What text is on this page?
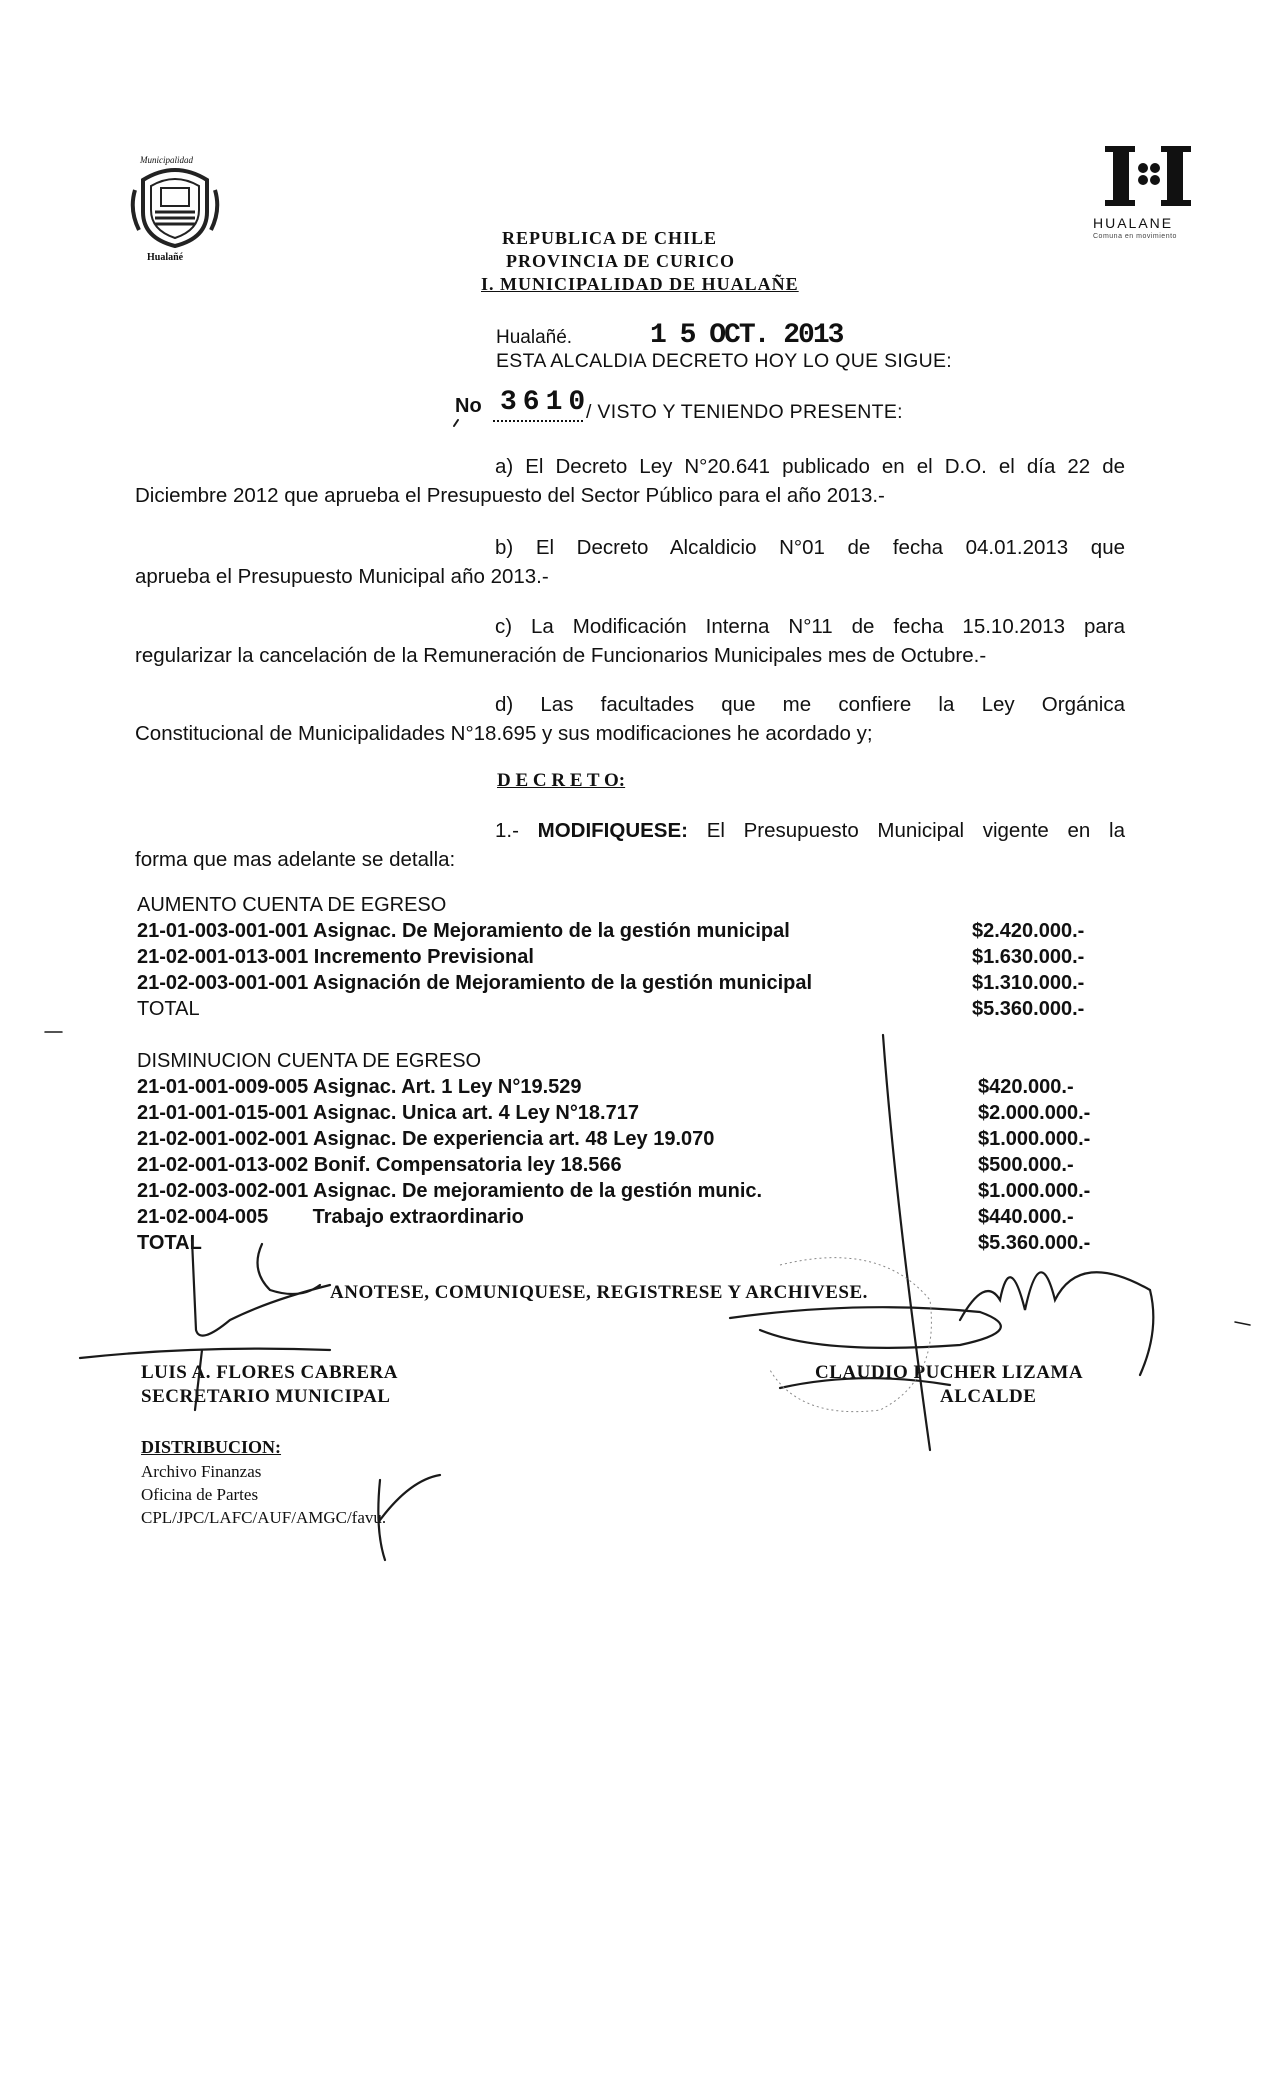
Municipalidad
Hualañé
HUALANE
Comuna en movimiento
REPUBLICA DE CHILE
PROVINCIA DE CURICO
I. MUNICIPALIDAD DE HUALAÑE
Hualañé.	1 5 OCT. 2013
ESTA ALCALDIA DECRETO HOY LO QUE SIGUE:
No 3610
/ VISTO Y TENIENDO PRESENTE:
a) El Decreto Ley N°20.641 publicado en el D.O. el día 22 de
Diciembre 2012 que aprueba el Presupuesto del Sector Público para el año 2013.-
b) El Decreto Alcaldicio N°01 de fecha 04.01.2013 que
aprueba el Presupuesto Municipal año 2013.-
c) La Modificación Interna N°11 de fecha 15.10.2013 para
regularizar la cancelación de la Remuneración de Funcionarios Municipales mes de Octubre.-
d) Las facultades que me confiere la Ley Orgánica
Constitucional de Municipalidades N°18.695 y sus modificaciones he acordado y;
D E C R E T O:
1.- MODIFIQUESE: El Presupuesto Municipal vigente en la
forma que mas adelante se detalla:
AUMENTO CUENTA DE EGRESO
21-01-003-001-001 Asignac. De Mejoramiento de la gestión municipal	$2.420.000.-
21-02-001-013-001 Incremento Previsional	$1.630.000.-
21-02-003-001-001 Asignación de Mejoramiento de la gestión municipal	$1.310.000.-
TOTAL	$5.360.000.-
DISMINUCION CUENTA DE EGRESO
21-01-001-009-005 Asignac. Art. 1 Ley N°19.529	$420.000.-
21-01-001-015-001 Asignac. Unica art. 4 Ley N°18.717	$2.000.000.-
21-02-001-002-001 Asignac. De experiencia art. 48 Ley 19.070	$1.000.000.-
21-02-001-013-002 Bonif. Compensatoria ley 18.566	$500.000.-
21-02-003-002-001 Asignac. De mejoramiento de la gestión munic.	$1.000.000.-
21-02-004-005        Trabajo extraordinario	$440.000.-
TOTAL	$5.360.000.-
ANOTESE, COMUNIQUESE, REGISTRESE Y ARCHIVESE.
LUIS A. FLORES CABRERA
SECRETARIO MUNICIPAL
CLAUDIO PUCHER LIZAMA
ALCALDE
DISTRIBUCION:
Archivo Finanzas
Oficina de Partes
CPL/JPC/LAFC/AUF/AMGC/favu.
